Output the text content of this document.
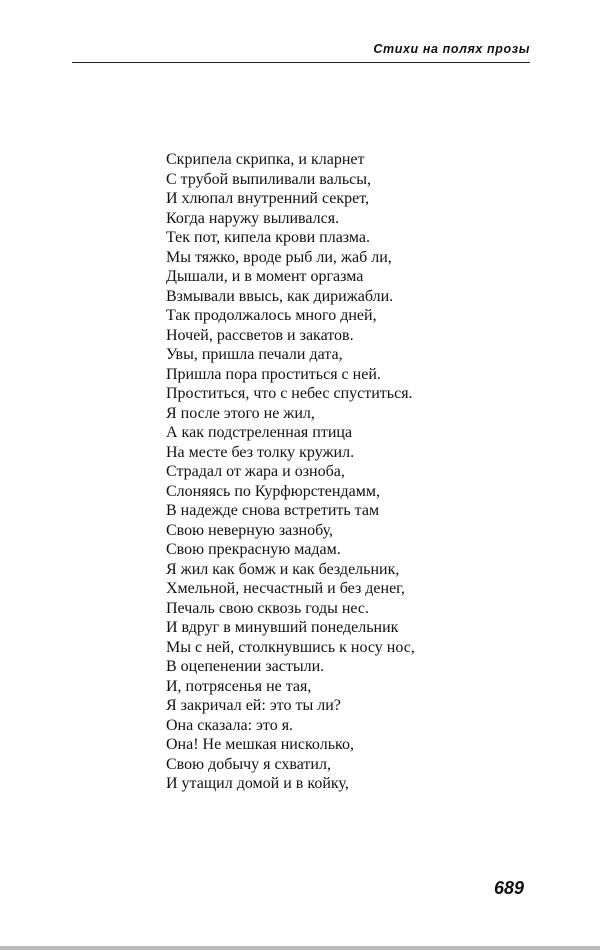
Стихи на полях прозы
Скрипела скрипка, и кларнет
С трубой выпиливали вальсы,
И хлюпал внутренний секрет,
Когда наружу выливался.
Тек пот, кипела крови плазма.
Мы тяжко, вроде рыб ли, жаб ли,
Дышали, и в момент оргазма
Взмывали ввысь, как дирижабли.
Так продолжалось много дней,
Ночей, рассветов и закатов.
Увы, пришла печали дата,
Пришла пора проститься с ней.
Проститься, что с небес спуститься.
Я после этого не жил,
А как подстреленная птица
На месте без толку кружил.
Страдал от жара и озноба,
Слоняясь по Курфюрстендамм,
В надежде снова встретить там
Свою неверную зазнобу,
Свою прекрасную мадам.
Я жил как бомж и как бездельник,
Хмельной, несчастный и без денег,
Печаль свою сквозь годы нес.
И вдруг в минувший понедельник
Мы с ней, столкнувшись к носу нос,
В оцепенении застыли.
И, потрясенья не тая,
Я закричал ей: это ты ли?
Она сказала: это я.
Она! Не мешкая нисколько,
Свою добычу я схватил,
И утащил домой и в койку,
689
